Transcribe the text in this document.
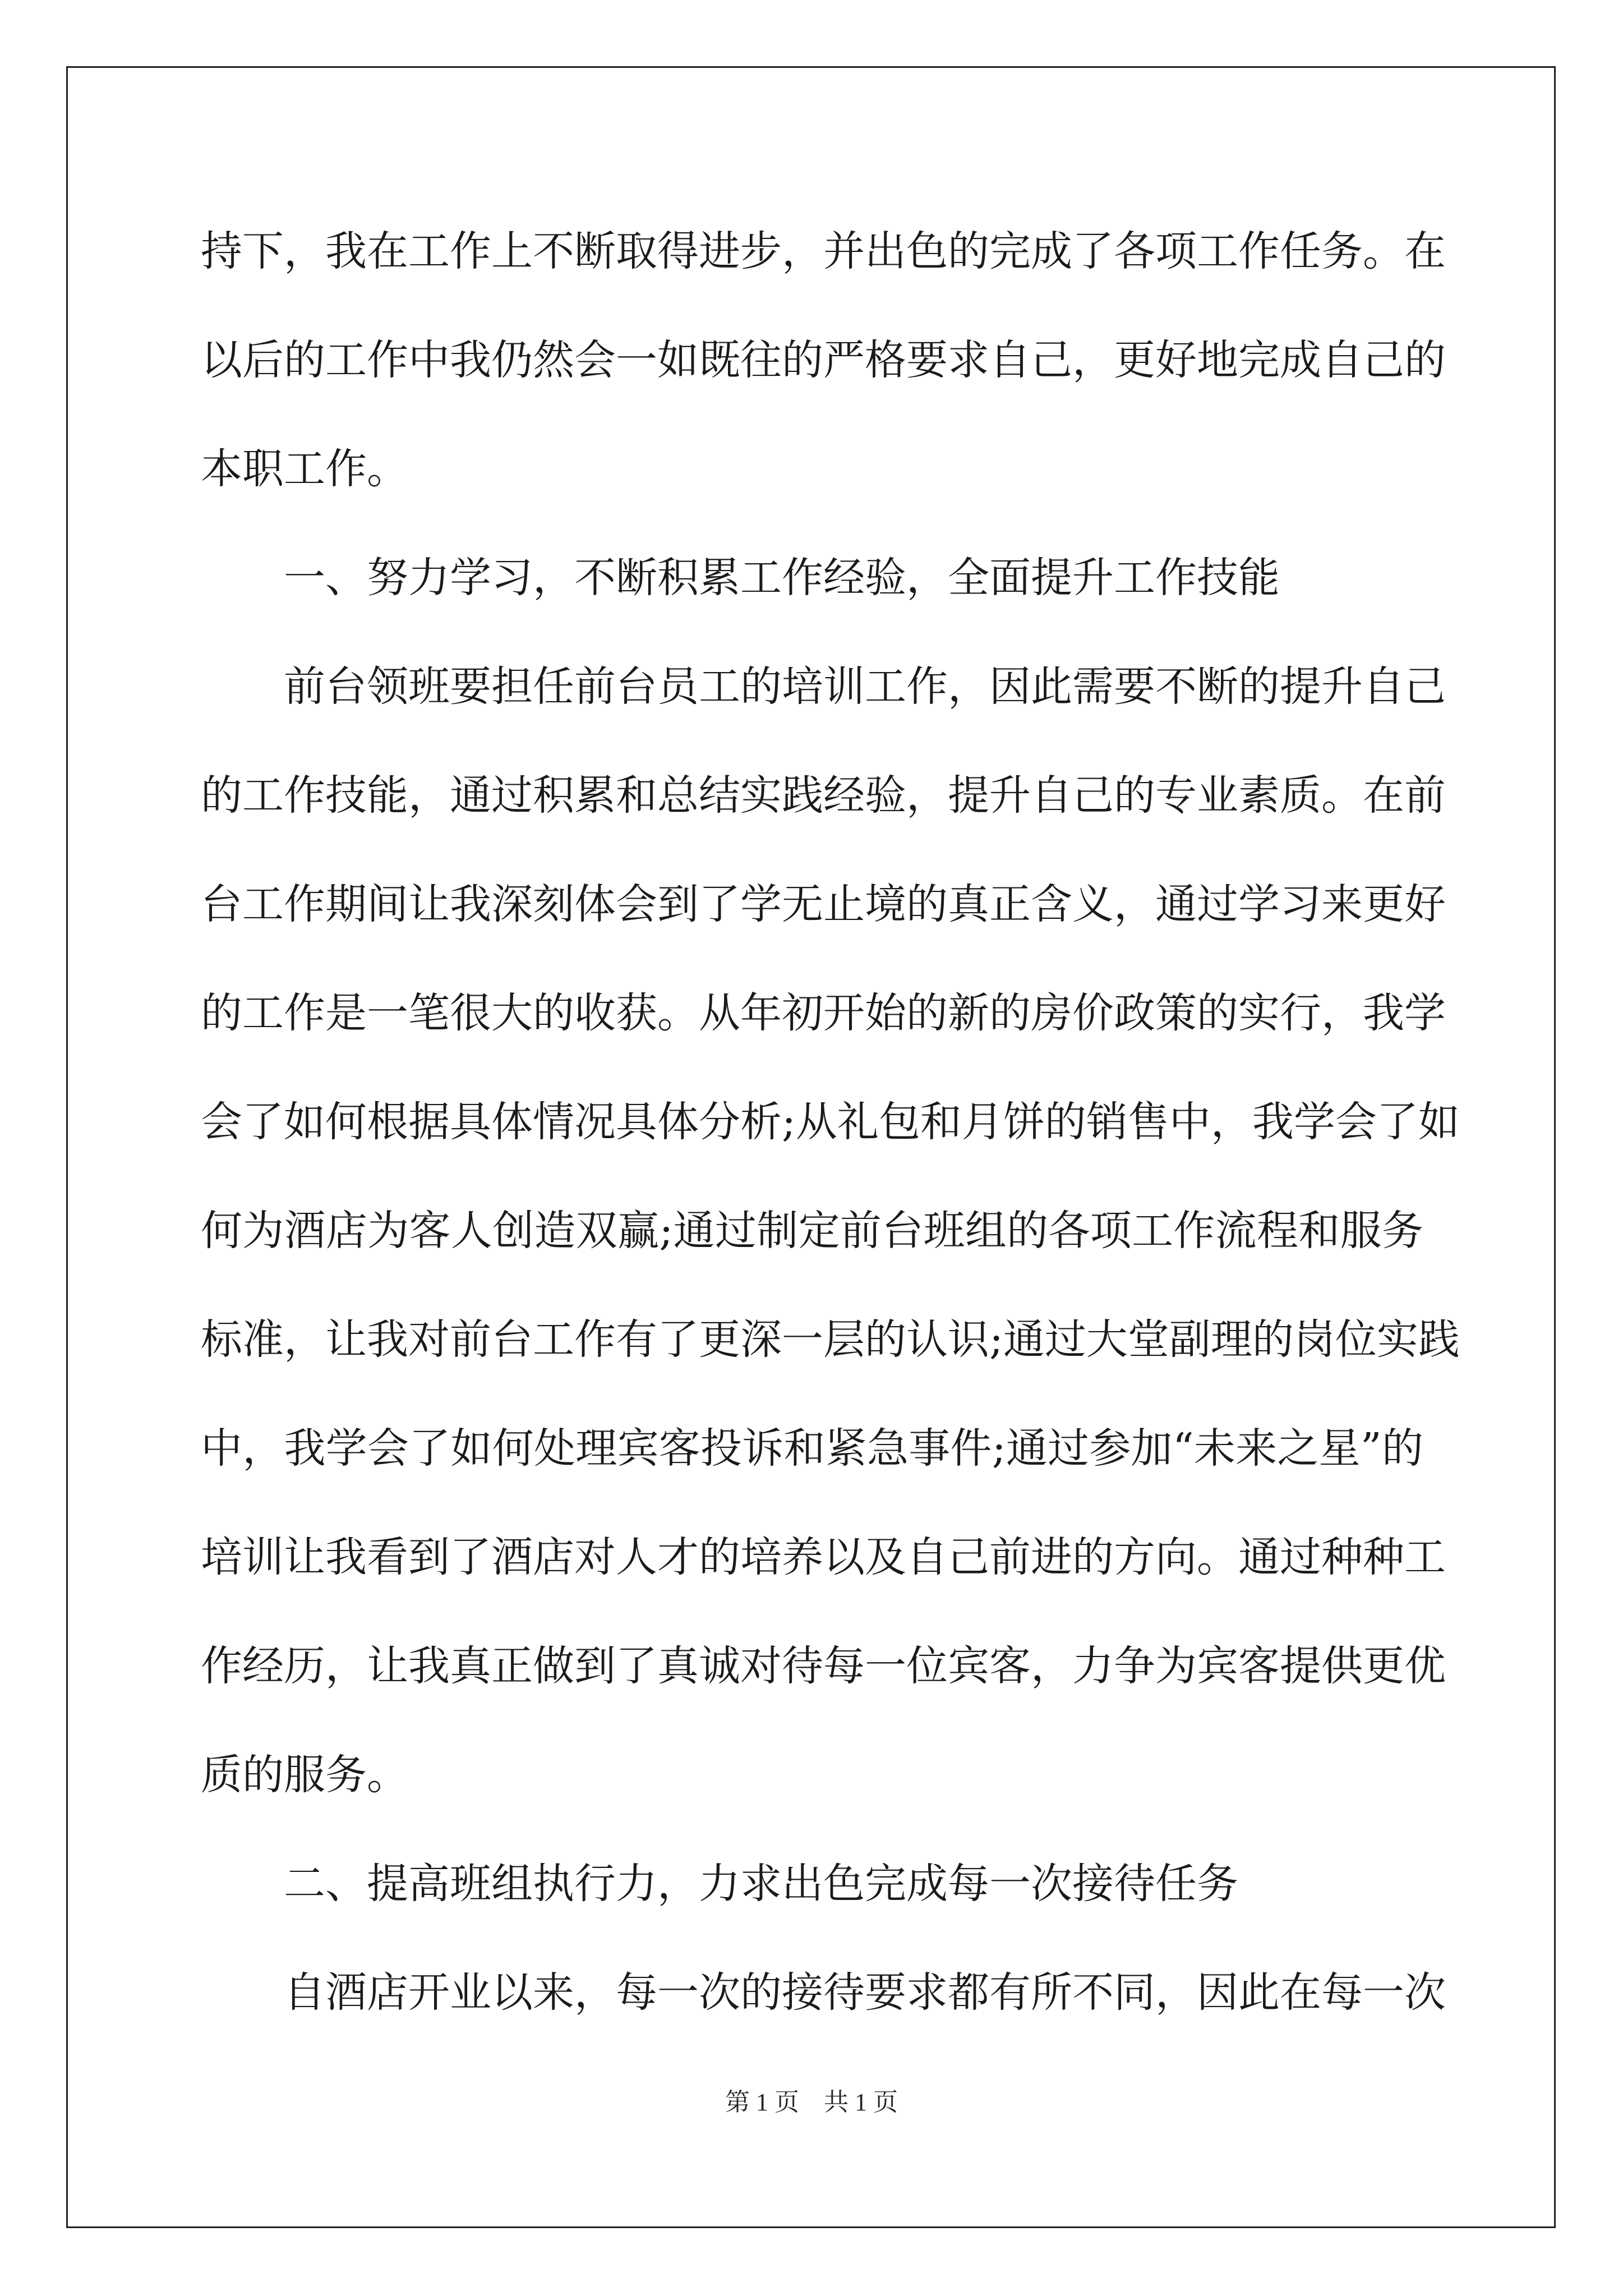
持下，我在工作上不断取得进步，并出色的完成了各项工作任务。在
以后的工作中我仍然会一如既往的严格要求自己，更好地完成自己的
本职工作。
一、努力学习，不断积累工作经验，全面提升工作技能
前台领班要担任前台员工的培训工作，因此需要不断的提升自己
的工作技能，通过积累和总结实践经验，提升自己的专业素质。在前
台工作期间让我深刻体会到了学无止境的真正含义，通过学习来更好
的工作是一笔很大的收获。从年初开始的新的房价政策的实行，我学
会了如何根据具体情况具体分析;从礼包和月饼的销售中，我学会了如
何为酒店为客人创造双赢;通过制定前台班组的各项工作流程和服务
标准，让我对前台工作有了更深一层的认识;通过大堂副理的岗位实践
中，我学会了如何处理宾客投诉和紧急事件;通过参加“未来之星”的
培训让我看到了酒店对人才的培养以及自己前进的方向。通过种种工
作经历，让我真正做到了真诚对待每一位宾客，力争为宾客提供更优
质的服务。
二、提高班组执行力，力求出色完成每一次接待任务
自酒店开业以来，每一次的接待要求都有所不同，因此在每一次
第 1 页    共 1 页
